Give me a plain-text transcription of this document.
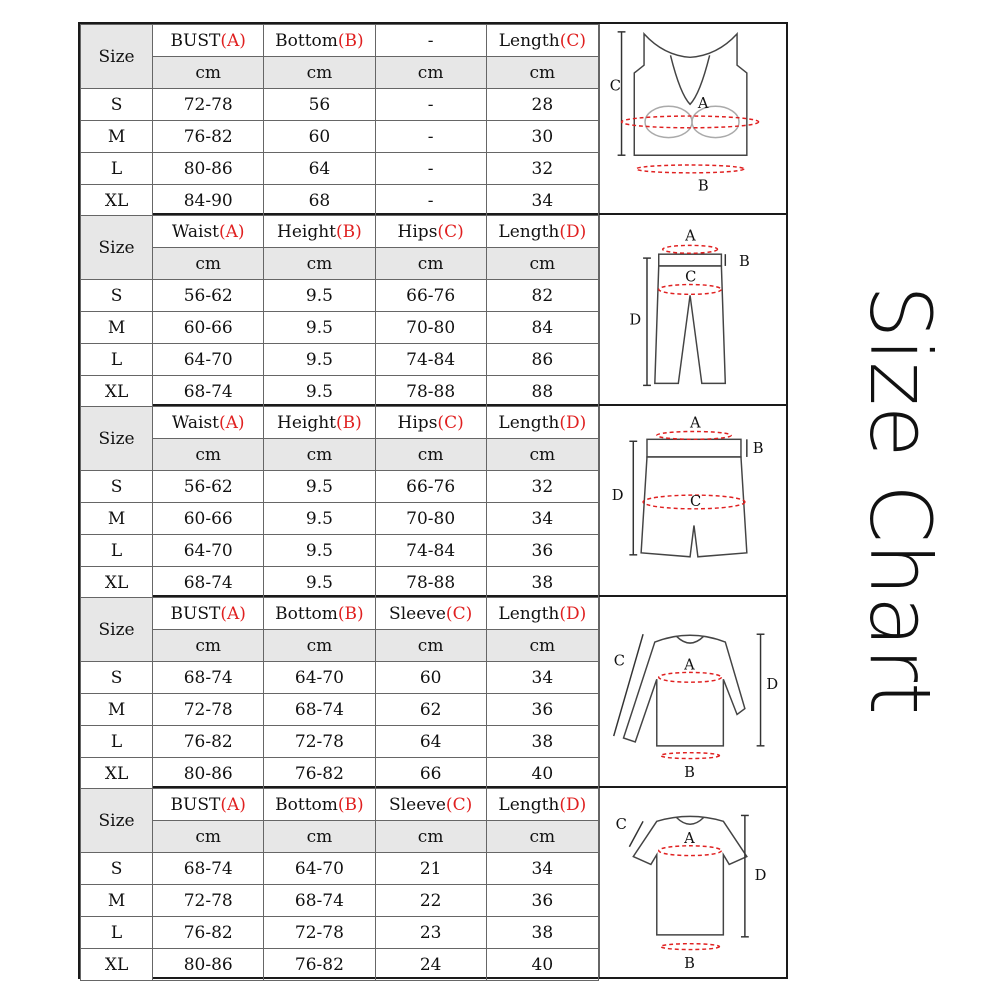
Size	BUST(A)	Bottom(B)	-	Length(C)
	cm	cm	cm	cm
S	72-78	56	-	28
M	76-82	60	-	30
L	80-86	64	-	32
XL	84-90	68	-	34
C
A
B
Size	Waist(A)	Height(B)	Hips(C)	Length(D)
	cm	cm	cm	cm
S	56-62	9.5	66-76	82
M	60-66	9.5	70-80	84
L	64-70	9.5	74-84	86
XL	68-74	9.5	78-88	88
A
B
C
D
Size	Waist(A)	Height(B)	Hips(C)	Length(D)
	cm	cm	cm	cm
S	56-62	9.5	66-76	32
M	60-66	9.5	70-80	34
L	64-70	9.5	74-84	36
XL	68-74	9.5	78-88	38
A
B
C
D
Size	BUST(A)	Bottom(B)	Sleeve(C)	Length(D)
	cm	cm	cm	cm
S	68-74	64-70	60	34
M	72-78	68-74	62	36
L	76-82	72-78	64	38
XL	80-86	76-82	66	40
A
B
C
D
Size	BUST(A)	Bottom(B)	Sleeve(C)	Length(D)
	cm	cm	cm	cm
S	68-74	64-70	21	34
M	72-78	68-74	22	36
L	76-82	72-78	23	38
XL	80-86	76-82	24	40
A
B
C
D
Size Chart
